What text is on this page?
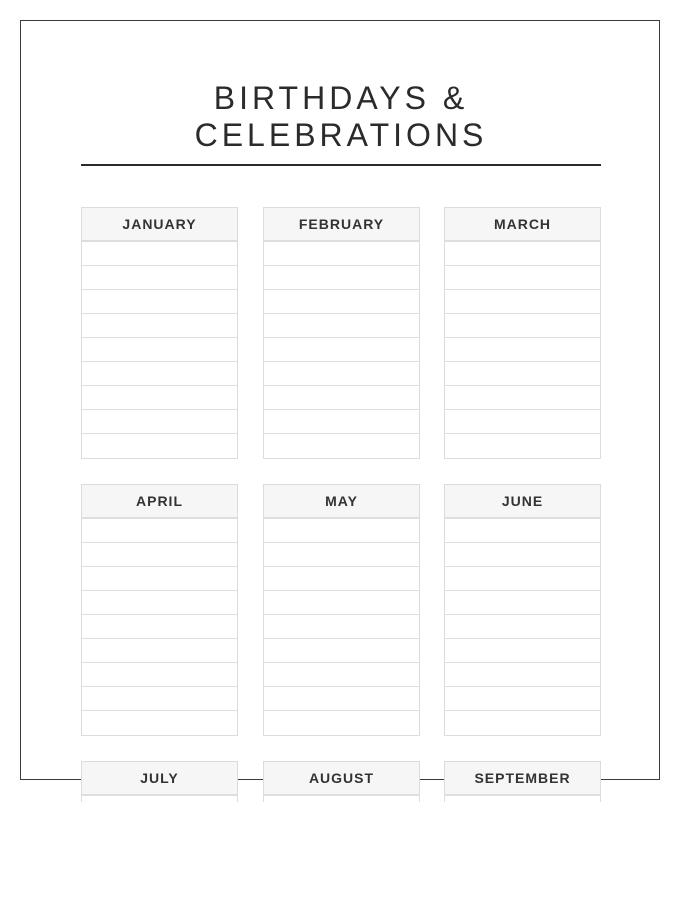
BIRTHDAYS &
CELEBRATIONS
JANUARY	FEBRUARY	MARCH
APRIL	MAY	JUNE
JULY	AUGUST	SEPTEMBER
